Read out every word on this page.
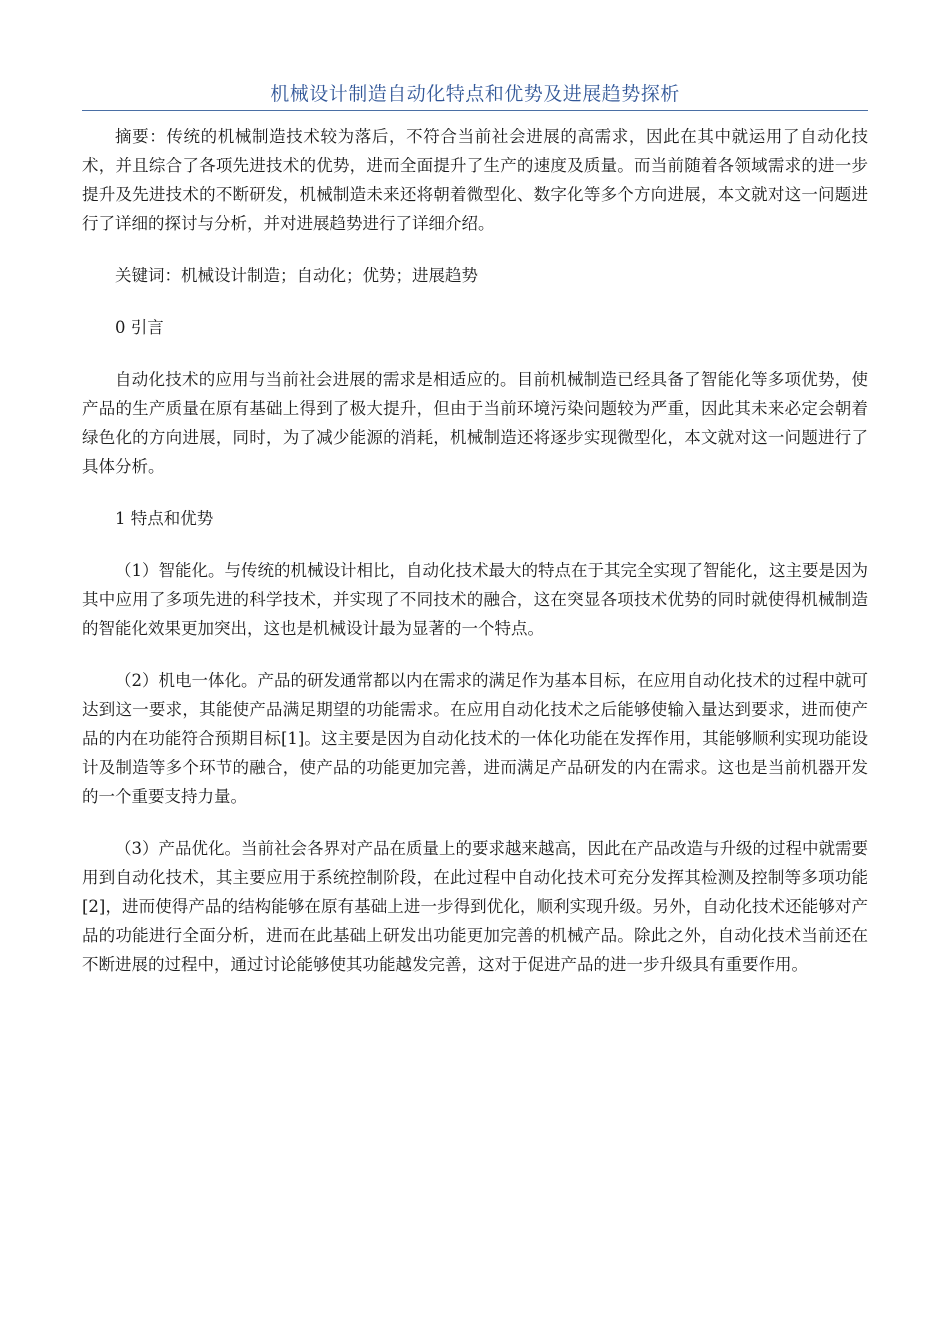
机械设计制造自动化特点和优势及进展趋势探析

摘要：传统的机械制造技术较为落后，不符合当前社会进展的高需求，因此在其中就运用了自动化技术，并且综合了各项先进技术的优势，进而全面提升了生产的速度及质量。而当前随着各领域需求的进一步提升及先进技术的不断研发，机械制造未来还将朝着微型化、数字化等多个方向进展，本文就对这一问题进行了详细的探讨与分析，并对进展趋势进行了详细介绍。

关键词：机械设计制造；自动化；优势；进展趋势

0 引言

自动化技术的应用与当前社会进展的需求是相适应的。目前机械制造已经具备了智能化等多项优势，使产品的生产质量在原有基础上得到了极大提升，但由于当前环境污染问题较为严重，因此其未来必定会朝着绿色化的方向进展，同时，为了减少能源的消耗，机械制造还将逐步实现微型化，本文就对这一问题进行了具体分析。

1 特点和优势

（1）智能化。与传统的机械设计相比，自动化技术最大的特点在于其完全实现了智能化，这主要是因为其中应用了多项先进的科学技术，并实现了不同技术的融合，这在突显各项技术优势的同时就使得机械制造的智能化效果更加突出，这也是机械设计最为显著的一个特点。

（2）机电一体化。产品的研发通常都以内在需求的满足作为基本目标，在应用自动化技术的过程中就可达到这一要求，其能使产品满足期望的功能需求。在应用自动化技术之后能够使输入量达到要求，进而使产品的内在功能符合预期目标[1]。这主要是因为自动化技术的一体化功能在发挥作用，其能够顺利实现功能设计及制造等多个环节的融合，使产品的功能更加完善，进而满足产品研发的内在需求。这也是当前机器开发的一个重要支持力量。

（3）产品优化。当前社会各界对产品在质量上的要求越来越高，因此在产品改造与升级的过程中就需要用到自动化技术，其主要应用于系统控制阶段，在此过程中自动化技术可充分发挥其检测及控制等多项功能[2]，进而使得产品的结构能够在原有基础上进一步得到优化，顺利实现升级。另外，自动化技术还能够对产品的功能进行全面分析，进而在此基础上研发出功能更加完善的机械产品。除此之外，自动化技术当前还在不断进展的过程中，通过讨论能够使其功能越发完善，这对于促进产品的进一步升级具有重要作用。
